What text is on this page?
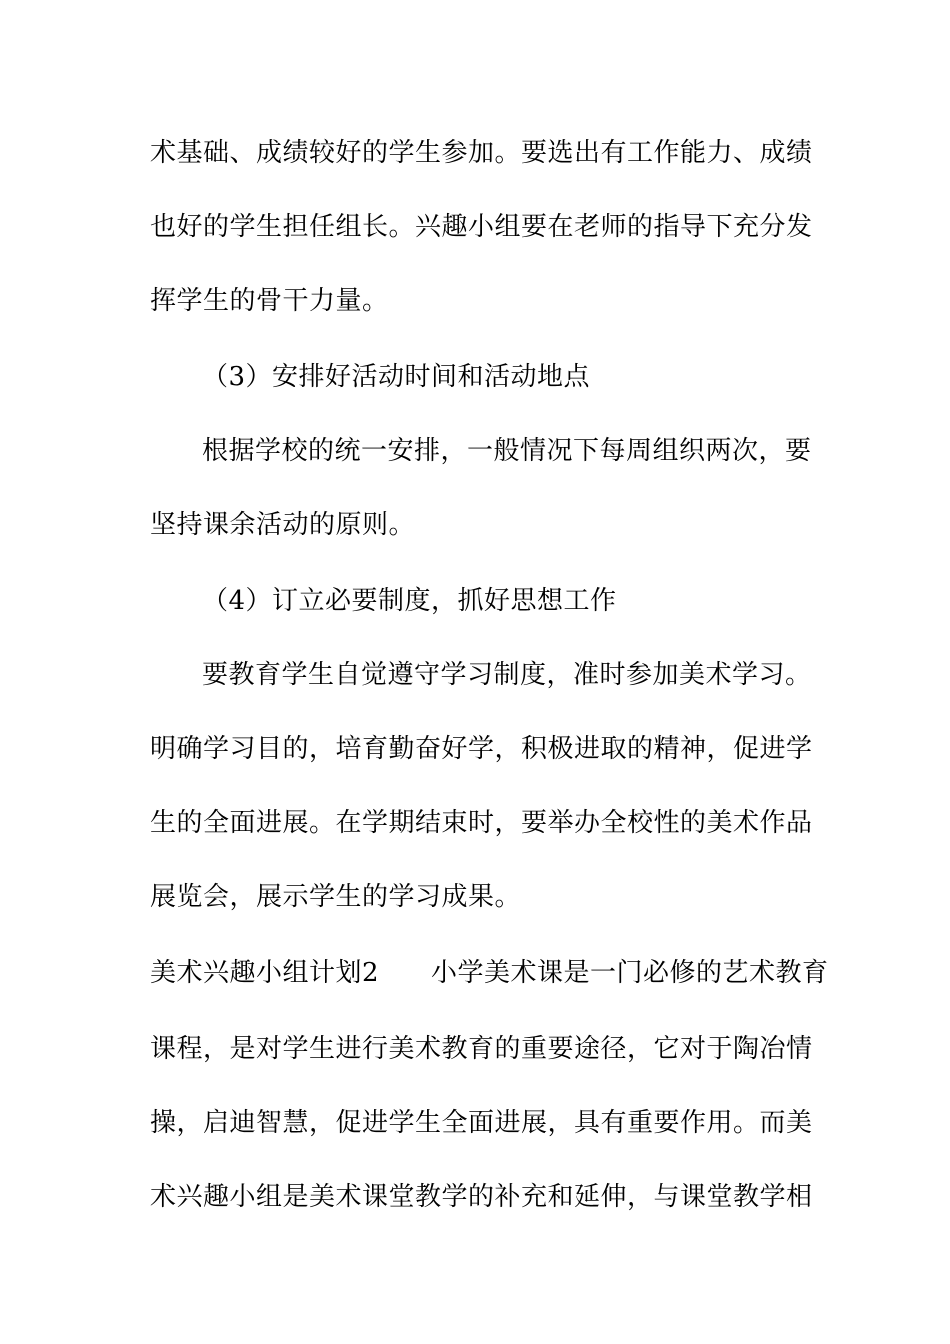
术基础、成绩较好的学生参加。要选出有工作能力、成绩
也好的学生担任组长。兴趣小组要在老师的指导下充分发
挥学生的骨干力量。
（3）安排好活动时间和活动地点
根据学校的统一安排，一般情况下每周组织两次，要
坚持课余活动的原则。
（4）订立必要制度，抓好思想工作
要教育学生自觉遵守学习制度，准时参加美术学习。
明确学习目的，培育勤奋好学，积极进取的精神，促进学
生的全面进展。在学期结束时，要举办全校性的美术作品
展览会，展示学生的学习成果。
美术兴趣小组计划2 小学美术课是一门必修的艺术教育
课程，是对学生进行美术教育的重要途径，它对于陶冶情
操，启迪智慧，促进学生全面进展，具有重要作用。而美
术兴趣小组是美术课堂教学的补充和延伸，与课堂教学相
